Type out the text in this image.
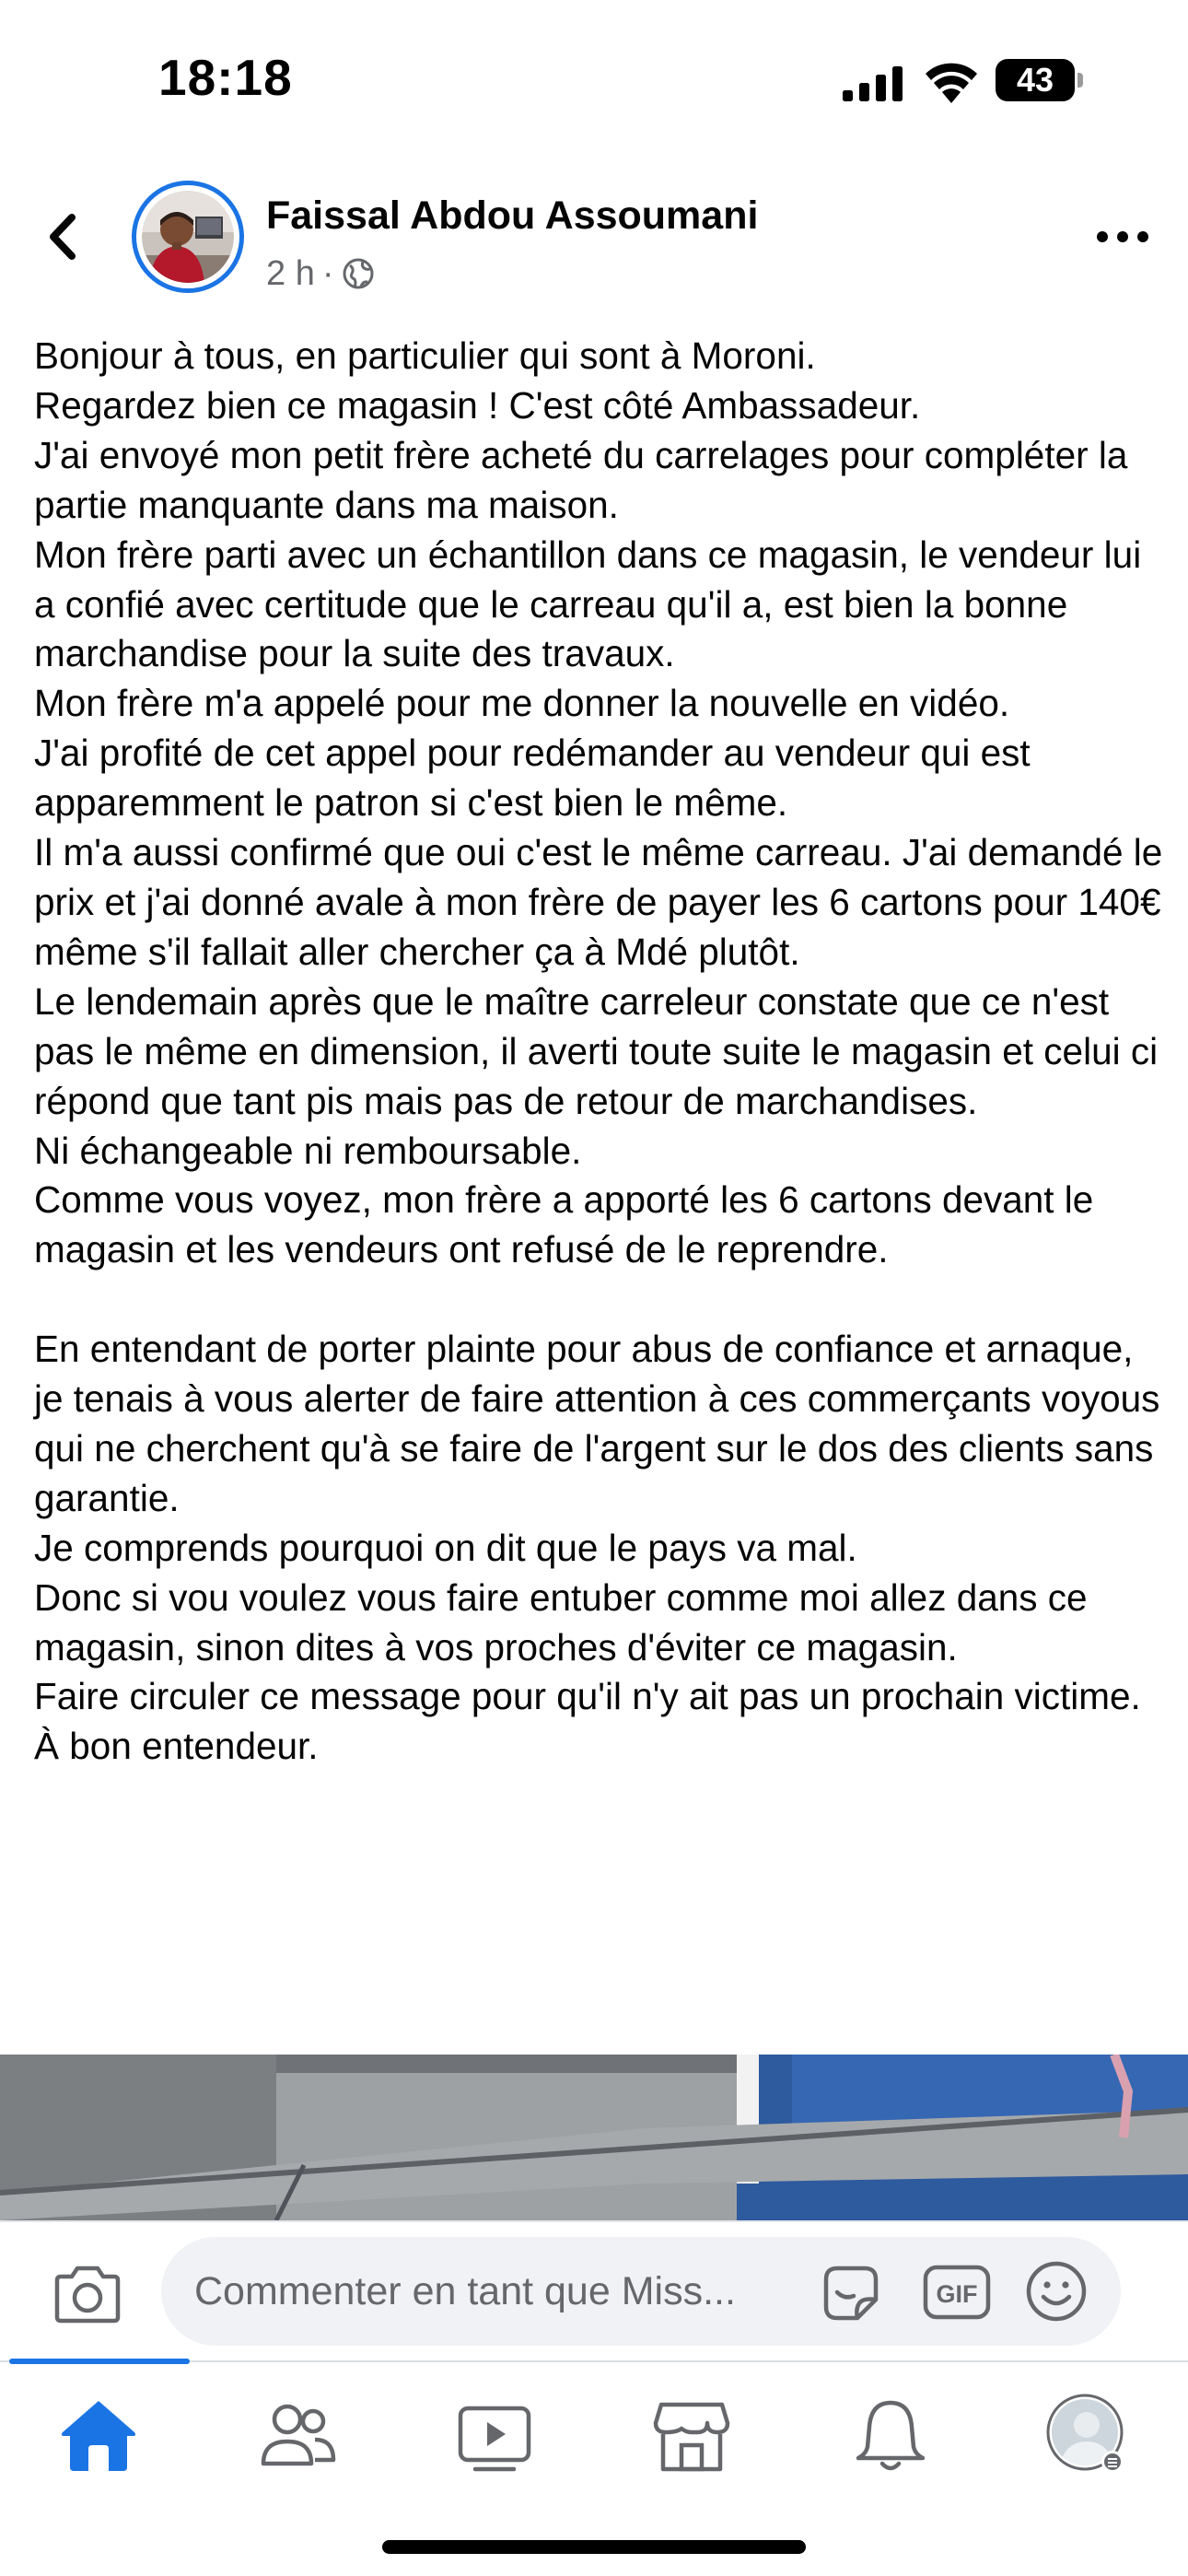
18:18	43
Faissal Abdou Assoumani
2 h ·
Bonjour à tous, en particulier qui sont à Moroni.
Regardez bien ce magasin ! C'est côté Ambassadeur.
J'ai envoyé mon petit frère acheté du carrelages pour compléter la partie manquante dans ma maison.
Mon frère parti avec un échantillon dans ce magasin, le vendeur lui a confié avec certitude que le carreau qu'il a, est bien la bonne marchandise pour la suite des travaux.
Mon frère m'a appelé pour me donner la nouvelle en vidéo.
J'ai profité de cet appel pour redémander au vendeur qui est apparemment le patron si c'est bien le même.
Il m'a aussi confirmé que oui c'est le même carreau. J'ai demandé le prix et j'ai donné avale à mon frère de payer les 6 cartons pour 140€
même s'il fallait aller chercher ça à Mdé plutôt.
Le lendemain après que le maître carreleur constate que ce n'est pas le même en dimension, il averti toute suite le magasin et celui ci répond que tant pis mais pas de retour de marchandises.
Ni échangeable ni remboursable.
Comme vous voyez, mon frère a apporté les 6 cartons devant le magasin et les vendeurs ont refusé de le reprendre.

En entendant de porter plainte pour abus de confiance et arnaque, je tenais à vous alerter de faire attention à ces commerçants voyous qui ne cherchent qu'à se faire de l'argent sur le dos des clients sans garantie.
Je comprends pourquoi on dit que le pays va mal.
Donc si vou voulez vous faire entuber comme moi allez dans ce magasin, sinon dites à vos proches d'éviter ce magasin.
Faire circuler ce message pour qu'il n'y ait pas un prochain victime.
À bon entendeur.
Commenter en tant que Miss...	GIF
